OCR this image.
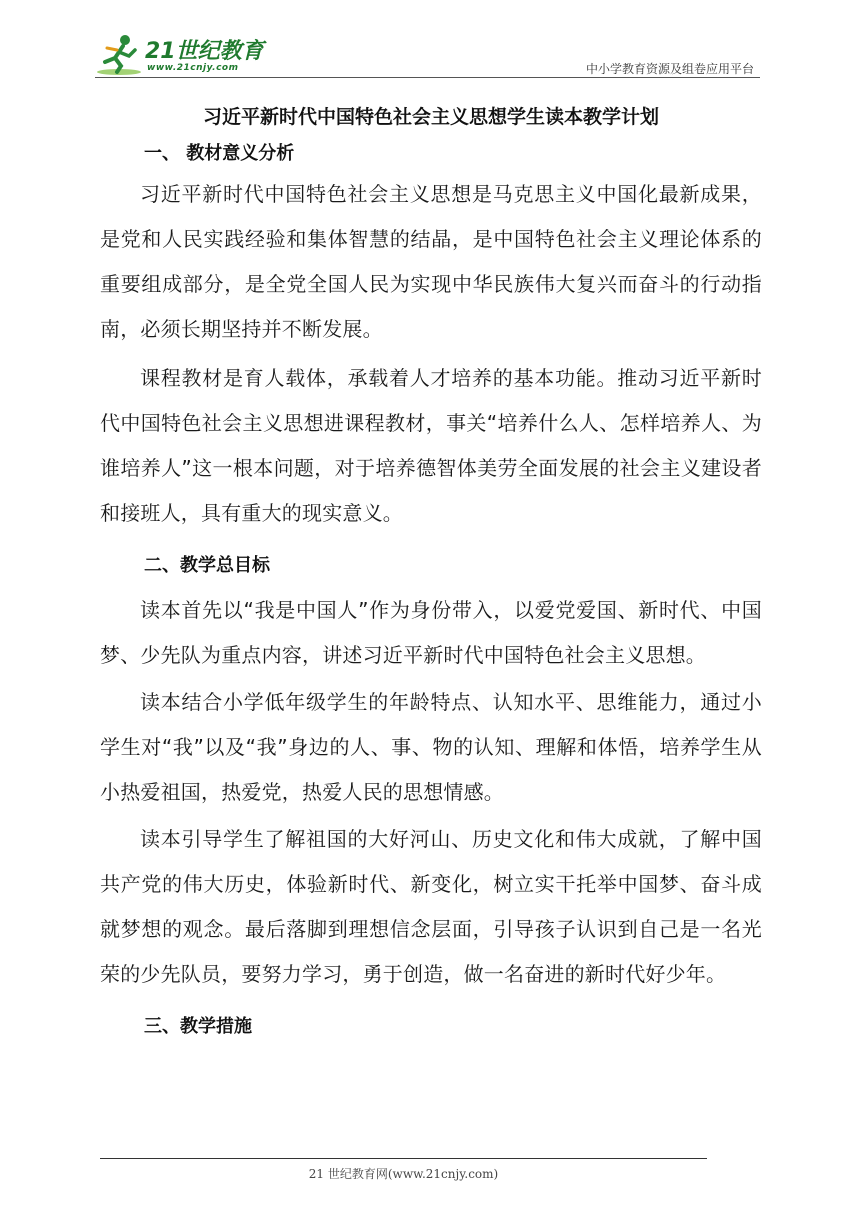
21世纪教育
www.21cnjy.com	中小学教育资源及组卷应用平台
习近平新时代中国特色社会主义思想学生读本教学计划
一、 教材意义分析

习近平新时代中国特色社会主义思想是马克思主义中国化最新成果，是党和人民实践经验和集体智慧的结晶，是中国特色社会主义理论体系的重要组成部分，是全党全国人民为实现中华民族伟大复兴而奋斗的行动指南，必须长期坚持并不断发展。

课程教材是育人载体，承载着人才培养的基本功能。推动习近平新时代中国特色社会主义思想进课程教材，事关“培养什么人、怎样培养人、为谁培养人”这一根本问题，对于培养德智体美劳全面发展的社会主义建设者和接班人，具有重大的现实意义。

二、教学总目标

读本首先以“我是中国人”作为身份带入，以爱党爱国、新时代、中国梦、少先队为重点内容，讲述习近平新时代中国特色社会主义思想。

读本结合小学低年级学生的年龄特点、认知水平、思维能力，通过小学生对“我”以及“我”身边的人、事、物的认知、理解和体悟，培养学生从小热爱祖国，热爱党，热爱人民的思想情感。

读本引导学生了解祖国的大好河山、历史文化和伟大成就，了解中国共产党的伟大历史，体验新时代、新变化，树立实干托举中国梦、奋斗成就梦想的观念。最后落脚到理想信念层面，引导孩子认识到自己是一名光荣的少先队员，要努力学习，勇于创造，做一名奋进的新时代好少年。

三、教学措施
21 世纪教育网(www.21cnjy.com)
